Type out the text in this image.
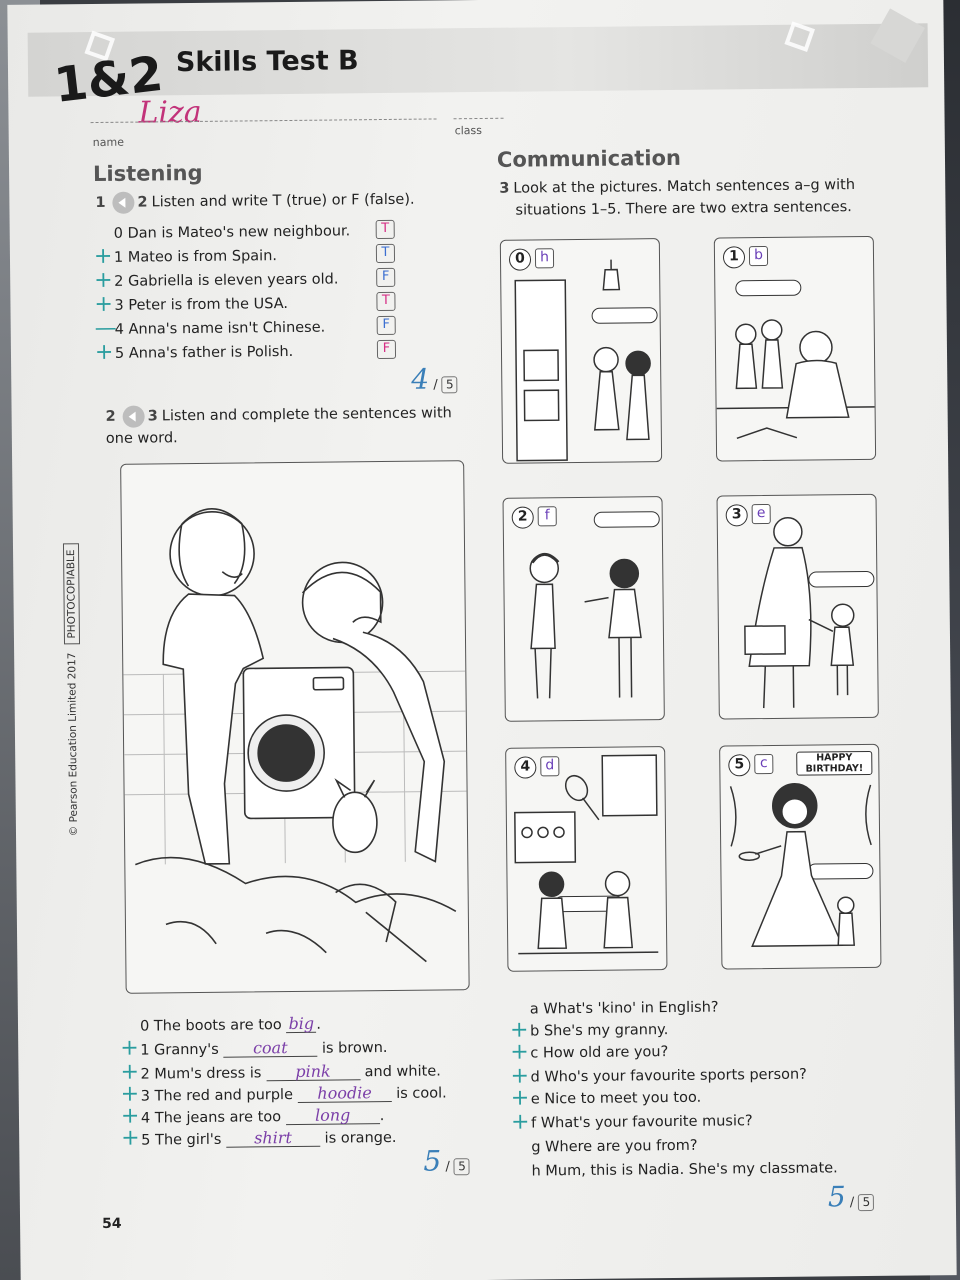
1&2 Skills Test B
Liza
name
class
Listening
1 2 Listen and write T (true) or F (false).
0 Dan is Mateo's new neighbour.	T
+ 1 Mateo is from Spain.	T
+ 2 Gabriella is eleven years old.	F
+ 3 Peter is from the USA.	T
—
4 Anna's name isn't Chinese.	F
+ 5 Anna's father is Polish.	F
4 / 5
2 3 Listen and complete the sentences with
one word.
0 The boots are too big .
+ 1 Granny's coat is brown.
+ 2 Mum's dress is pink and white.
+ 3 The red and purple hoodie is cool.
+ 4 The jeans are too long .
+ 5 The girl's shirt is orange.
5 / 5
Communication
3 Look at the pictures. Match sentences a–g with
situations 1–5. There are two extra sentences.
0	h	1	b
2	f	3	e
4	d	5	c	HAPPY BIRTHDAY!
a What's 'kino' in English?
+ b She's my granny.
+ c How old are you?
+ d Who's your favourite sports person?
+ e Nice to meet you too.
+ f What's your favourite music?
g Where are you from?
h Mum, this is Nadia. She's my classmate.
5 / 5
© Pearson Education Limited 2017PHOTOCOPIABLE
54
